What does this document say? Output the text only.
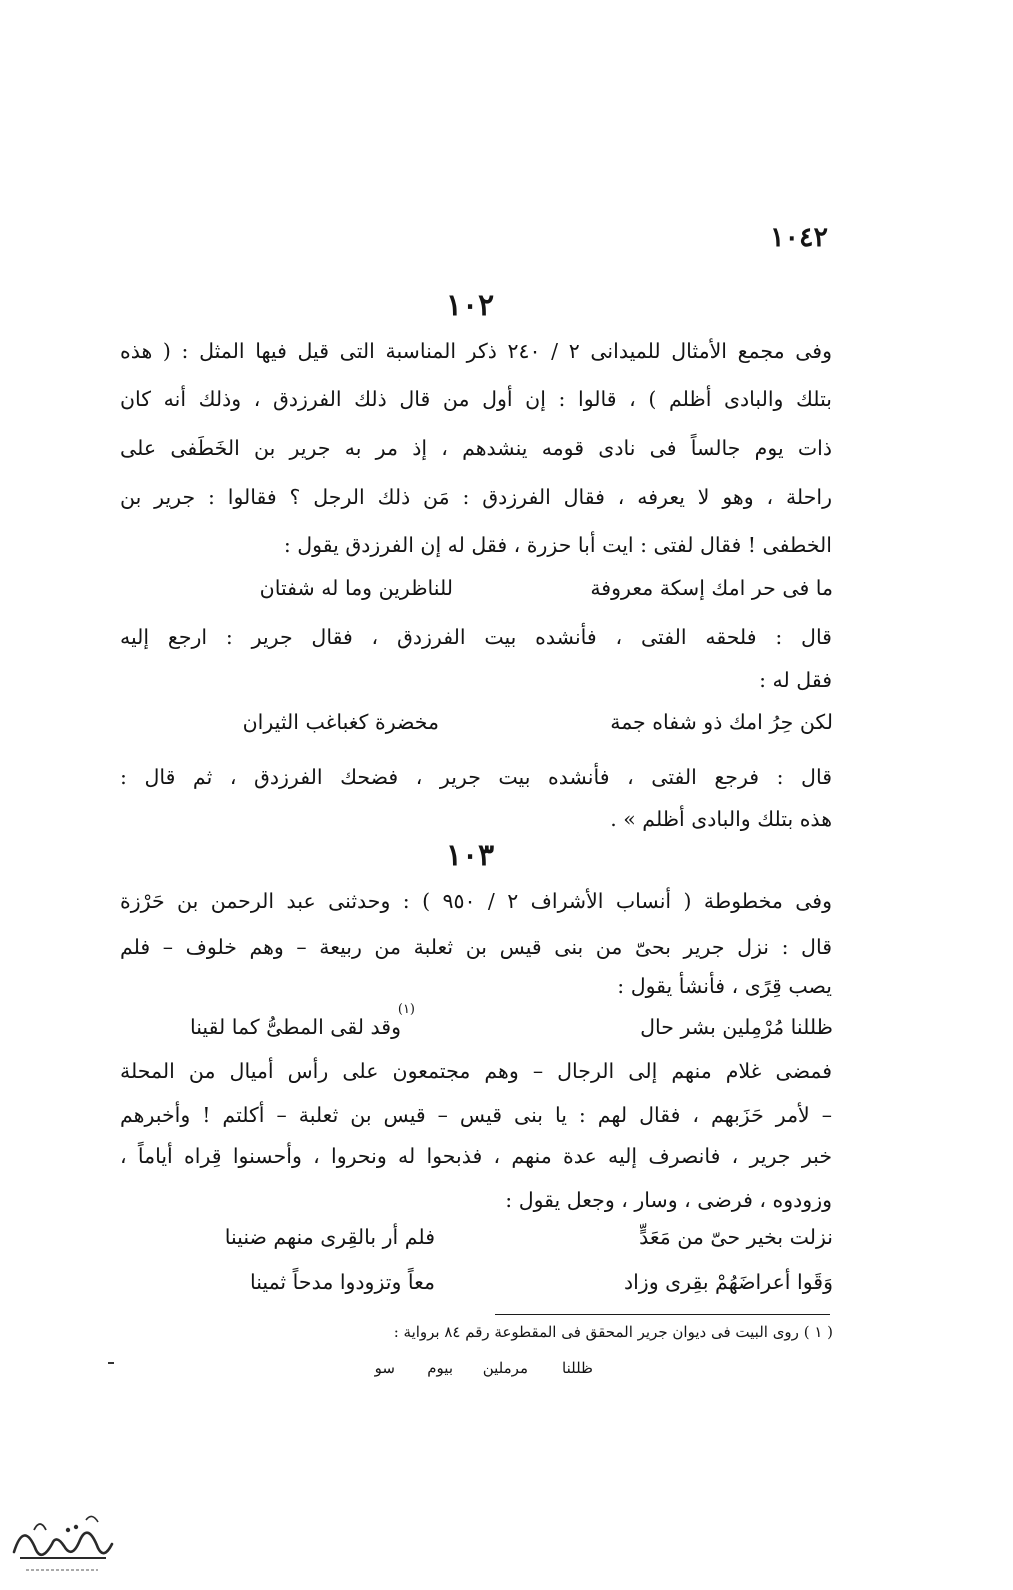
١٠٤٢
١٠٢
وفى مجمع الأمثال للميدانى ٢ / ٢٤٠ ذكر المناسبة التى قيل فيها المثل : ( هذه
بتلك والبادى أظلم ) ، قالوا : إن أول من قال ذلك الفرزدق ، وذلك أنه كان
ذات يوم جالساً فى نادى قومه ينشدهم ، إذ مر به جرير بن الخَطَفى على
راحلة ، وهو لا يعرفه ، فقال الفرزدق : مَن ذلك الرجل ؟ فقالوا : جرير بن
الخطفى ! فقال لفتى : ايت أبا حزرة ، فقل له إن الفرزدق يقول :
ما فى حر امك إسكة معروفة
للناظرين وما له شفتان
قال : فلحقه الفتى ، فأنشده بيت الفرزدق ، فقال جرير : ارجع إليه
فقل له :
لكن حِرُ امك ذو شفاه جمة
مخضرة كغباغب الثيران
قال : فرجع الفتى ، فأنشده بيت جرير ، فضحك الفرزدق ، ثم قال :
هذه بتلك والبادى أظلم » .
١٠٣
وفى مخطوطة ( أنساب الأشراف ٢ / ٩٥٠ ) : وحدثنى عبد الرحمن بن حَرْزة
قال : نزل جرير بحىّ من بنى قيس بن ثعلبة من ربيعة – وهم خلوف – فلم
يصب قِرًى ، فأنشأ يقول :
ظللنا مُرْمِلين بشر حال
وقد لقى المطىُّ كما لقينا
(١)
فمضى غلام منهم إلى الرجال – وهم مجتمعون على رأس أميال من المحلة
– لأمر حَزَبهم ، فقال لهم : يا بنى قيس – قيس بن ثعلبة – أكلتم ! وأخبرهم
خبر جرير ، فانصرف إليه عدة منهم ، فذبحوا له ونحروا ، وأحسنوا قِراه أياماً ،
وزودوه ، فرضى ، وسار ، وجعل يقول :
نزلت بخير حىّ من مَعَدٍّ
فلم أر بالقِرى منهم ضنينا
وَقَوا أعراضَهُمْ بقِرى وزاد
معاً وتزودوا مدحاً ثمينا
( ١ ) روى البيت فى ديوان جرير المحقق فى المقطوعة رقم ٨٤ برواية :
ظللنا
مرملين
بيوم
سو
